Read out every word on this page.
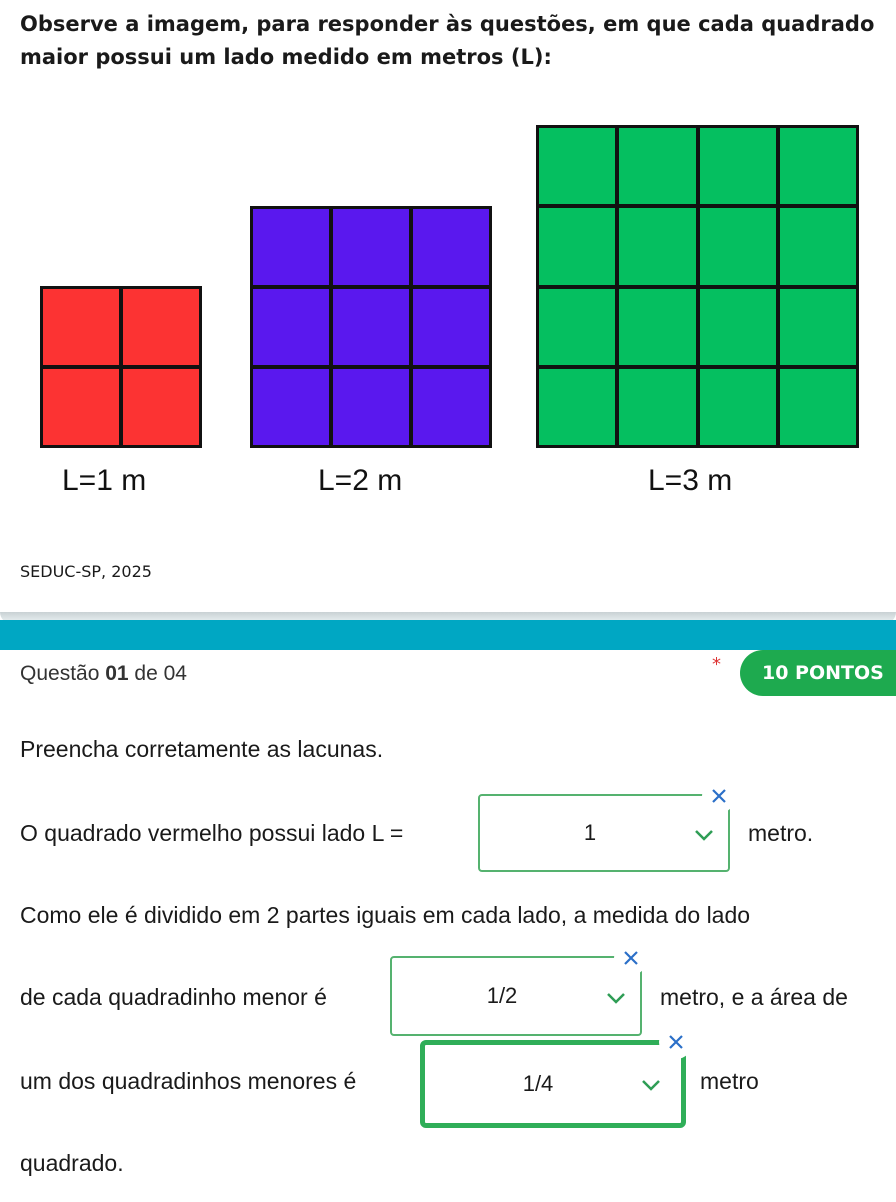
Observe a imagem, para responder às questões, em que cada quadrado maior possui um lado medido em metros (L):

L=1 m	L=2 m	L=3 m
SEDUC-SP, 2025
Questão 01 de 04	*	10 PONTOS
Preencha corretamente as lacunas.
O quadrado vermelho possui lado L =	1	metro.
Como ele é dividido em 2 partes iguais em cada lado, a medida do lado
de cada quadradinho menor é	1/2	metro, e a área de
um dos quadradinhos menores é	1/4	metro
quadrado.
